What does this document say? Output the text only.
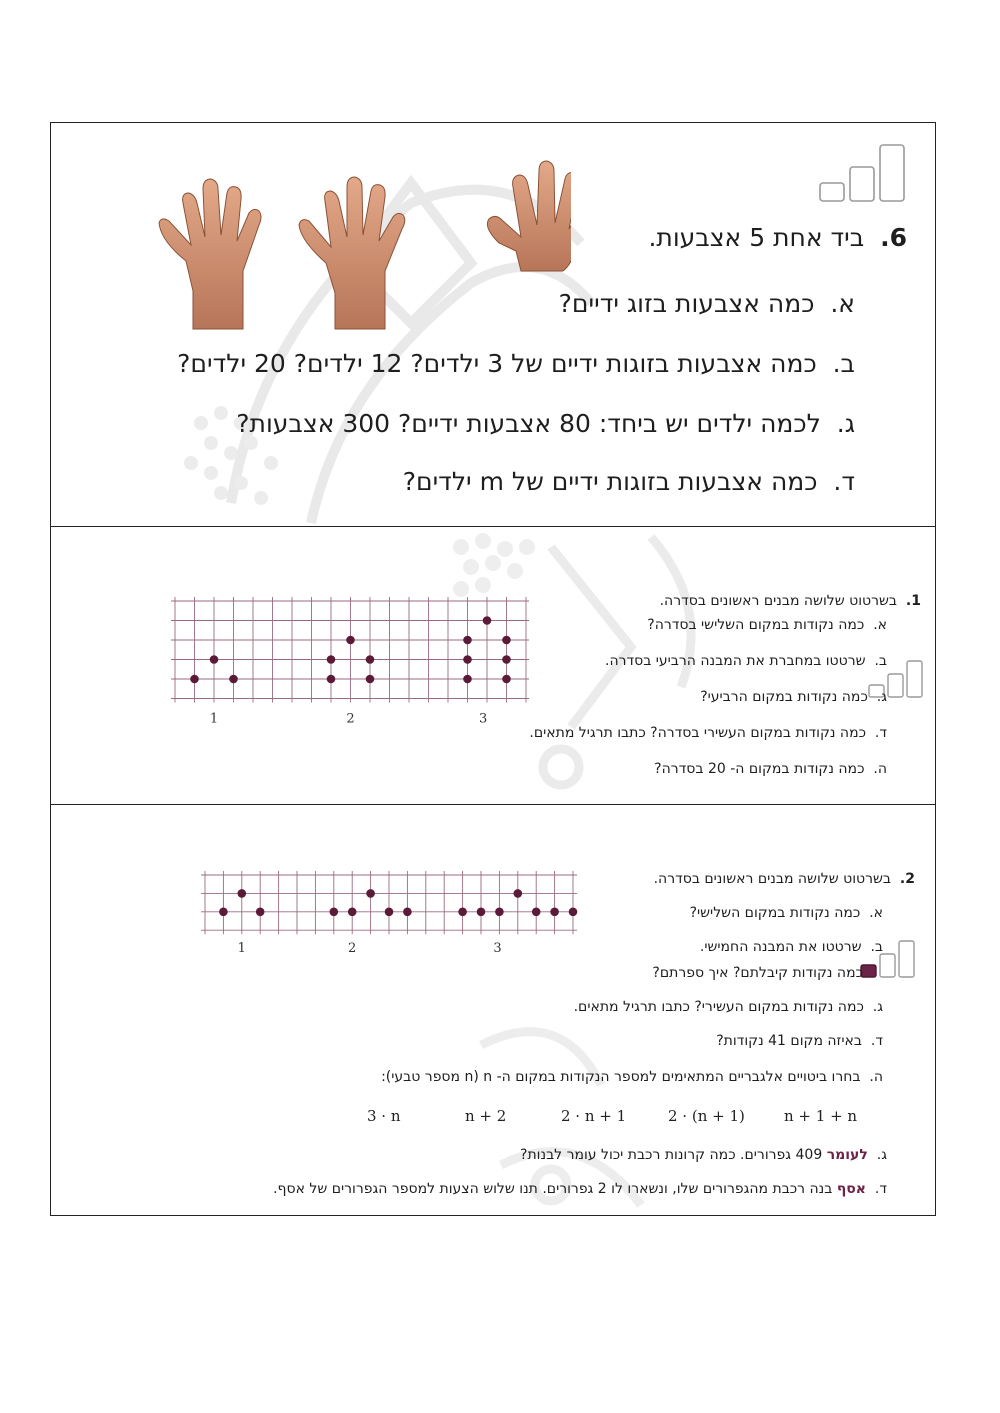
6.  ביד אחת 5 אצבעות.
א.  כמה אצבעות בזוג ידיים?
ב.  כמה אצבעות בזוגות ידיים של 3 ילדים? 12 ילדים? 20 ילדים?
ג.  לכמה ילדים יש ביחד: 80 אצבעות ידיים? 300 אצבעות?
ד.  כמה אצבעות בזוגות ידיים של m ילדים?
1	2	3
1.  בשרטוט שלושה מבנים ראשונים בסדרה.
א.  כמה נקודות במקום השלישי בסדרה?
ב.  שרטטו במחברת את המבנה הרביעי בסדרה.
ג.  כמה נקודות במקום הרביעי?
ד.  כמה נקודות במקום העשירי בסדרה? כתבו תרגיל מתאים.
ה.  כמה נקודות במקום ה- 20 בסדרה?
1	2	3
2.  בשרטוט שלושה מבנים ראשונים בסדרה.
א.  כמה נקודות במקום השלישי?
ב.  שרטטו את המבנה החמישי.
כמה נקודות קיבלתם? איך ספרתם?
ג.  כמה נקודות במקום העשירי? כתבו תרגיל מתאים.
ד.  באיזה מקום 41 נקודות?
ה.  בחרו ביטויים אלגבריים המתאימים למספר הנקודות במקום ה- n (n מספר טבעי):
n + 1 + n
2 · (n + 1)
2 · n + 1
n + 2
3 · n
ג.  לעומר 409 גפרורים. כמה קרונות רכבת יכול עומר לבנות?
ד.  אסף בנה רכבת מהגפרורים שלו, ונשארו לו 2 גפרורים. תנו שלוש הצעות למספר הגפרורים של אסף.
